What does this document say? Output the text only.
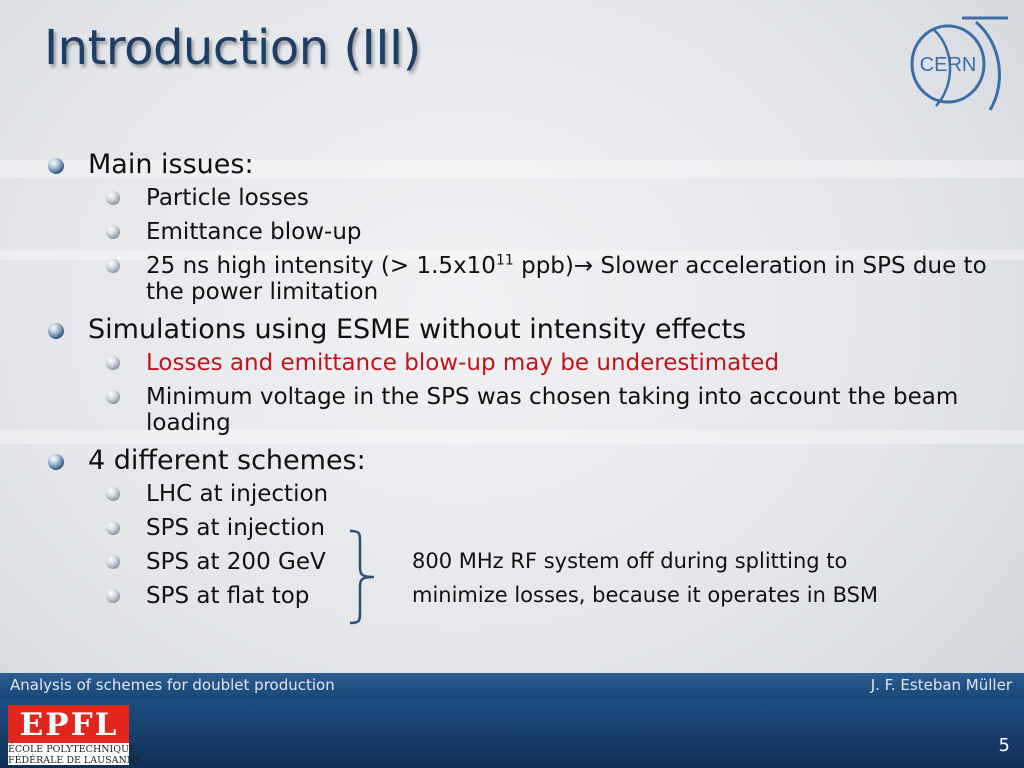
Introduction (III)	CERN
Main issues:
Particle losses
Emittance blow-up
25 ns high intensity (> $1.5x10^{11}$ ppb)→ Slower acceleration in SPS due to the power limitation
Simulations using ESME without intensity effects
Losses and emittance blow-up may be underestimated
Minimum voltage in the SPS was chosen taking into account the beam loading
4 different schemes:
LHC at injection
SPS at injection
SPS at 200 GeV
SPS at flat top
800 MHz RF system off during splitting to
minimize losses, because it operates in BSM
Analysis of schemes for doublet production	J. F. Esteban Müller
EPFL
ÉCOLE POLYTECHNIQUE
FÉDÉRALE DE LAUSANNE
5
